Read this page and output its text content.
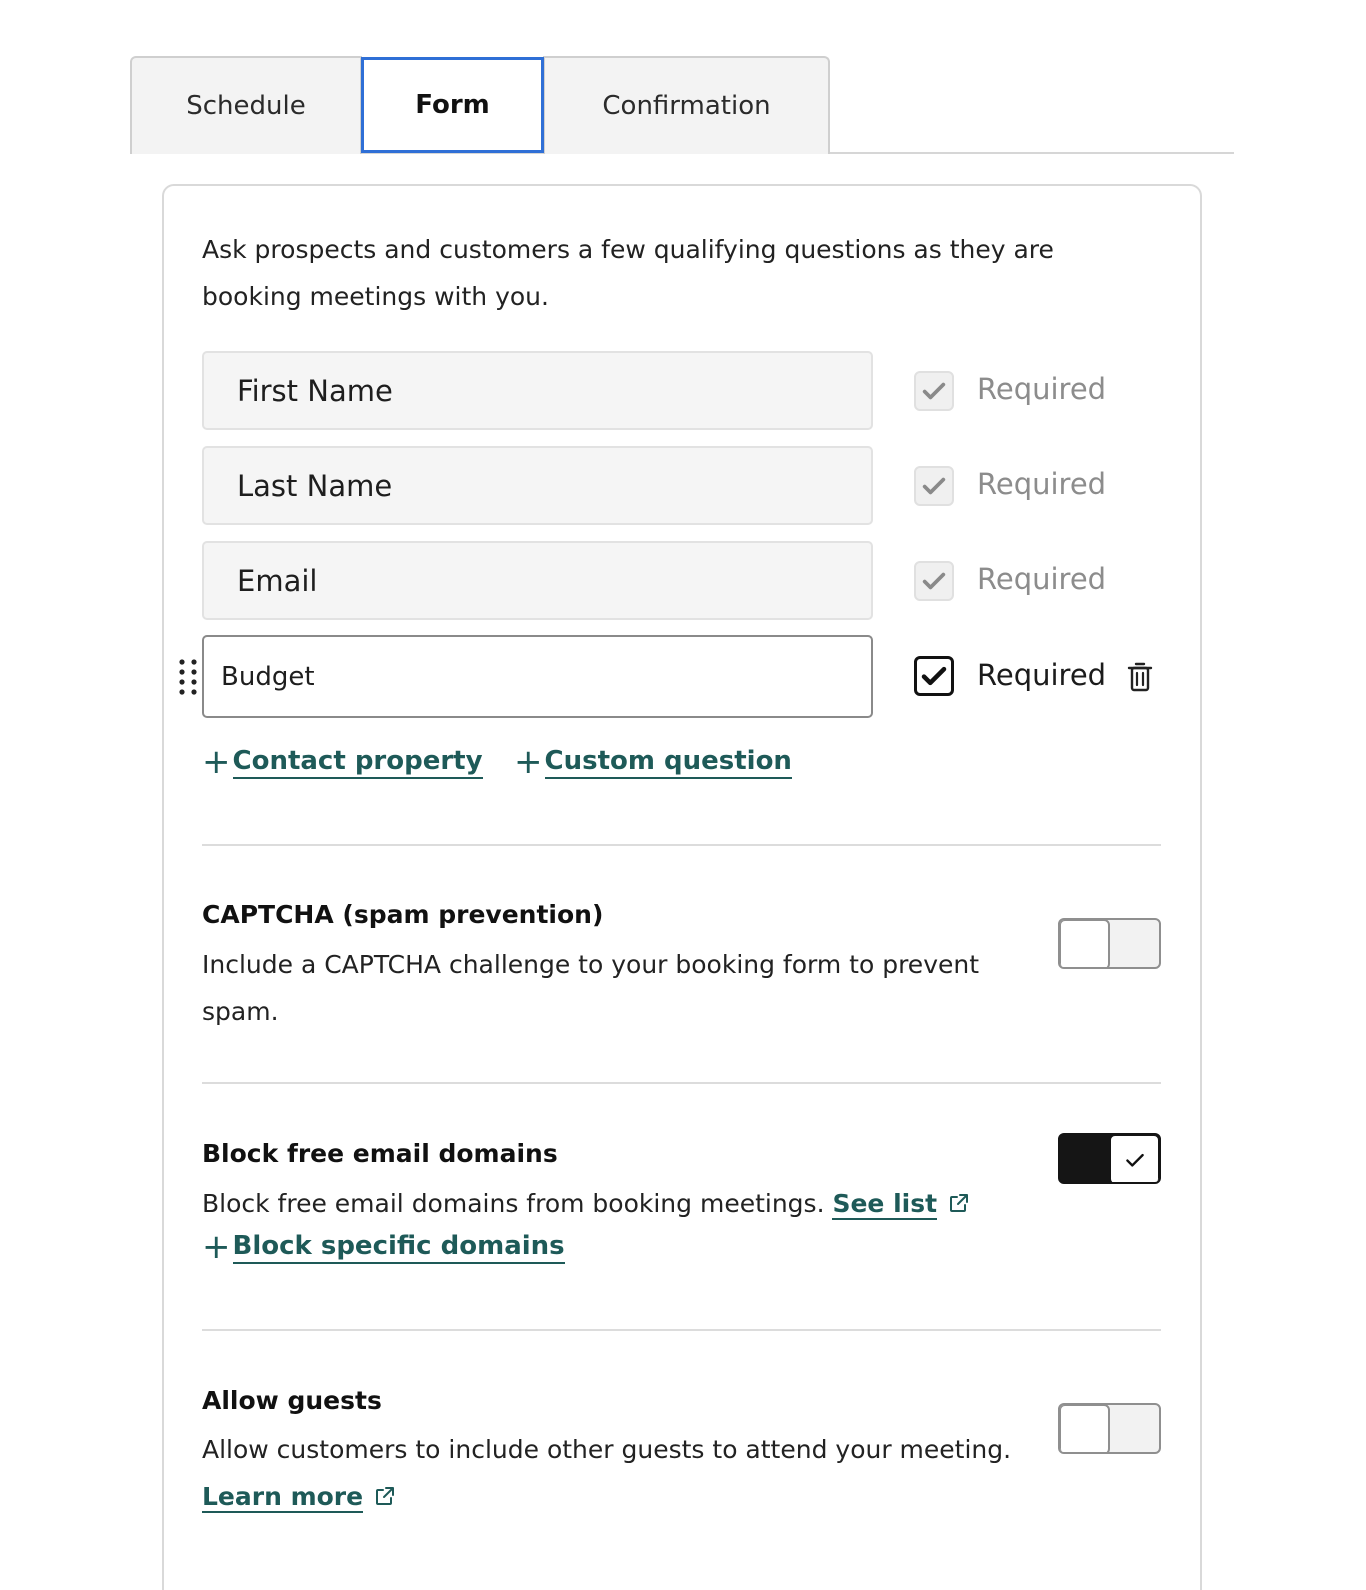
Schedule	Confirmation
Form

Ask prospects and customers a few qualifying questions as they are booking meetings with you.

First Name	Required
Last Name	Required
Email	Required
Budget	Required
+ Contact property + Custom question
CAPTCHA (spam prevention)

Include a CAPTCHA challenge to your booking form to prevent spam.

Block free email domains

Block free email domains from booking meetings. See list

+ Block specific domains
Allow guests

Allow customers to include other guests to attend your meeting.
Learn more
